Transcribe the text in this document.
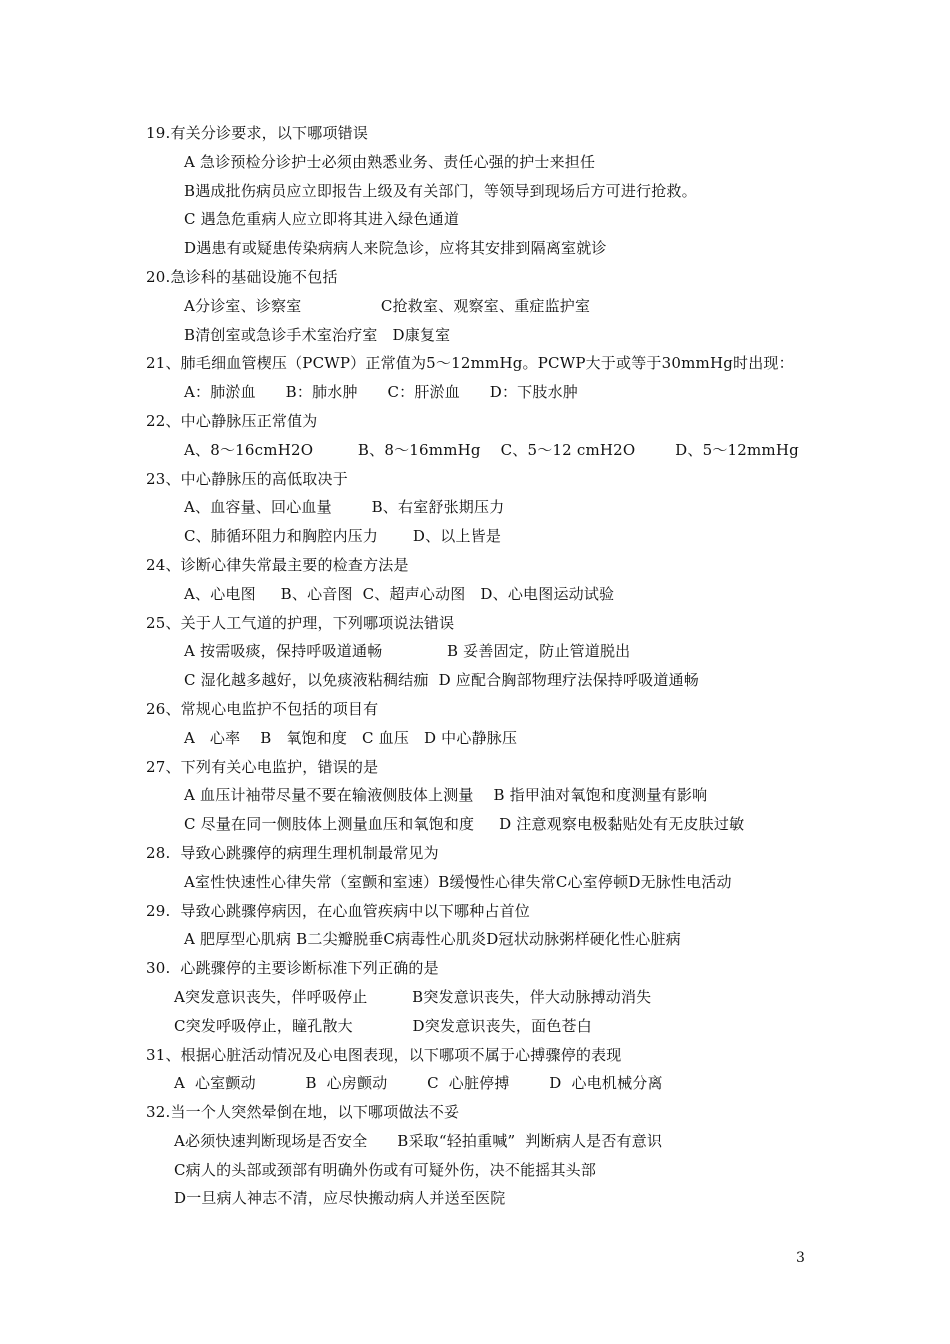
19.有关分诊要求，以下哪项错误
A 急诊预检分诊护士必须由熟悉业务、责任心强的护士来担任
B遇成批伤病员应立即报告上级及有关部门，等领导到现场后方可进行抢救。
C 遇急危重病人应立即将其进入绿色通道
D遇患有或疑患传染病病人来院急诊，应将其安排到隔离室就诊
20.急诊科的基础设施不包括
A分诊室、诊察室                C抢救室、观察室、重症监护室
B清创室或急诊手术室治疗室   D康复室
21、肺毛细血管楔压（PCWP）正常值为5～12mmHg。PCWP大于或等于30mmHg时出现：
A：肺淤血      B：肺水肿      C：肝淤血      D：下肢水肿
22、中心静脉压正常值为
A、8～16cmH2O         B、8～16mmHg    C、5～12 cmH2O        D、5～12mmHg
23、中心静脉压的高低取决于
A、血容量、回心血量        B、右室舒张期压力
C、肺循环阻力和胸腔内压力       D、以上皆是
24、诊断心律失常最主要的检查方法是
A、心电图     B、心音图  C、超声心动图   D、心电图运动试验
25、关于人工气道的护理，下列哪项说法错误
A 按需吸痰，保持呼吸道通畅             B 妥善固定，防止管道脱出
C 湿化越多越好，以免痰液粘稠结痂  D 应配合胸部物理疗法保持呼吸道通畅
26、常规心电监护不包括的项目有
A   心率    B   氧饱和度   C 血压   D 中心静脉压
27、下列有关心电监护，错误的是
A 血压计袖带尽量不要在输液侧肢体上测量    B 指甲油对氧饱和度测量有影响
C 尽量在同一侧肢体上测量血压和氧饱和度     D 注意观察电极黏贴处有无皮肤过敏
28.  导致心跳骤停的病理生理机制最常见为
A室性快速性心律失常（室颤和室速）B缓慢性心律失常C心室停顿D无脉性电活动
29.  导致心跳骤停病因，在心血管疾病中以下哪种占首位
A 肥厚型心肌病 B二尖瓣脱垂C病毒性心肌炎D冠状动脉粥样硬化性心脏病
30.  心跳骤停的主要诊断标准下列正确的是
A突发意识丧失，伴呼吸停止         B突发意识丧失，伴大动脉搏动消失
C突发呼吸停止，瞳孔散大            D突发意识丧失，面色苍白
31、根据心脏活动情况及心电图表现，以下哪项不属于心搏骤停的表现
A  心室颤动          B  心房颤动        C  心脏停搏        D  心电机械分离
32.当一个人突然晕倒在地，以下哪项做法不妥
A必须快速判断现场是否安全      B采取“轻拍重喊”  判断病人是否有意识
C病人的头部或颈部有明确外伤或有可疑外伤，决不能摇其头部
D一旦病人神志不清，应尽快搬动病人并送至医院
3
